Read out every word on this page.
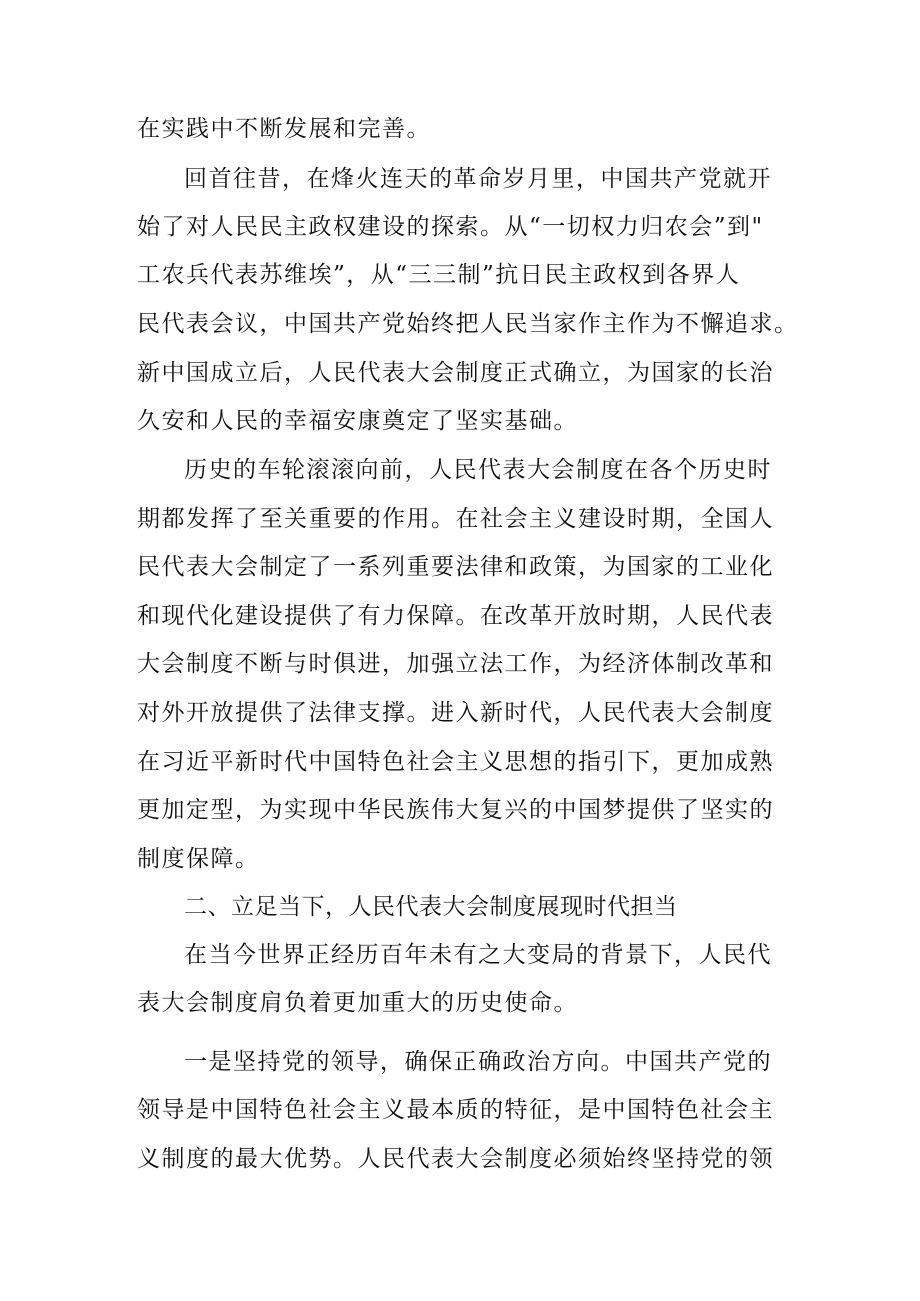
在实践中不断发展和完善。
回首往昔，在烽火连天的革命岁月里，中国共产党就开
始了对人民民主政权建设的探索。从“一切权力归农会”到"
工农兵代表苏维埃”，从“三三制”抗日民主政权到各界人
民代表会议，中国共产党始终把人民当家作主作为不懈追求。
新中国成立后，人民代表大会制度正式确立，为国家的长治
久安和人民的幸福安康奠定了坚实基础。
历史的车轮滚滚向前，人民代表大会制度在各个历史时
期都发挥了至关重要的作用。在社会主义建设时期，全国人
民代表大会制定了一系列重要法律和政策，为国家的工业化
和现代化建设提供了有力保障。在改革开放时期，人民代表
大会制度不断与时俱进，加强立法工作，为经济体制改革和
对外开放提供了法律支撑。进入新时代，人民代表大会制度
在习近平新时代中国特色社会主义思想的指引下，更加成熟
更加定型，为实现中华民族伟大复兴的中国梦提供了坚实的
制度保障。
二、立足当下，人民代表大会制度展现时代担当
在当今世界正经历百年未有之大变局的背景下，人民代
表大会制度肩负着更加重大的历史使命。
一是坚持党的领导，确保正确政治方向。中国共产党的
领导是中国特色社会主义最本质的特征，是中国特色社会主
义制度的最大优势。人民代表大会制度必须始终坚持党的领
